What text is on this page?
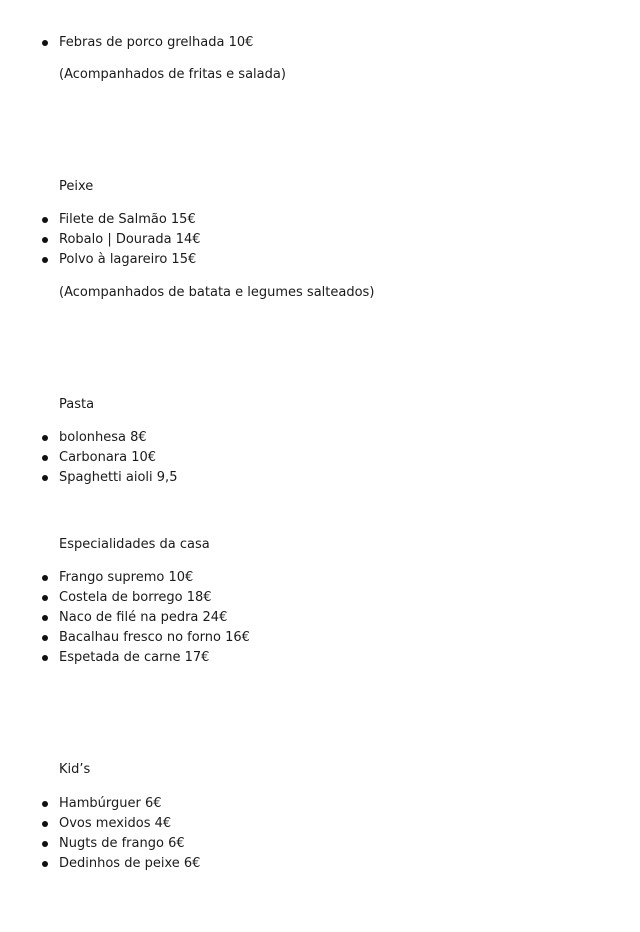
Febras de porco grelhada 10€
(Acompanhados de fritas e salada)
Peixe
Filete de Salmão 15€
Robalo | Dourada 14€
Polvo à lagareiro 15€
(Acompanhados de batata e legumes salteados)
Pasta
bolonhesa 8€
Carbonara 10€
Spaghetti aioli 9,5
Especialidades da casa
Frango supremo 10€
Costela de borrego 18€
Naco de filé na pedra 24€
Bacalhau fresco no forno 16€
Espetada de carne 17€
Kid’s
Hambúrguer 6€
Ovos mexidos 4€
Nugts de frango 6€
Dedinhos de peixe 6€
